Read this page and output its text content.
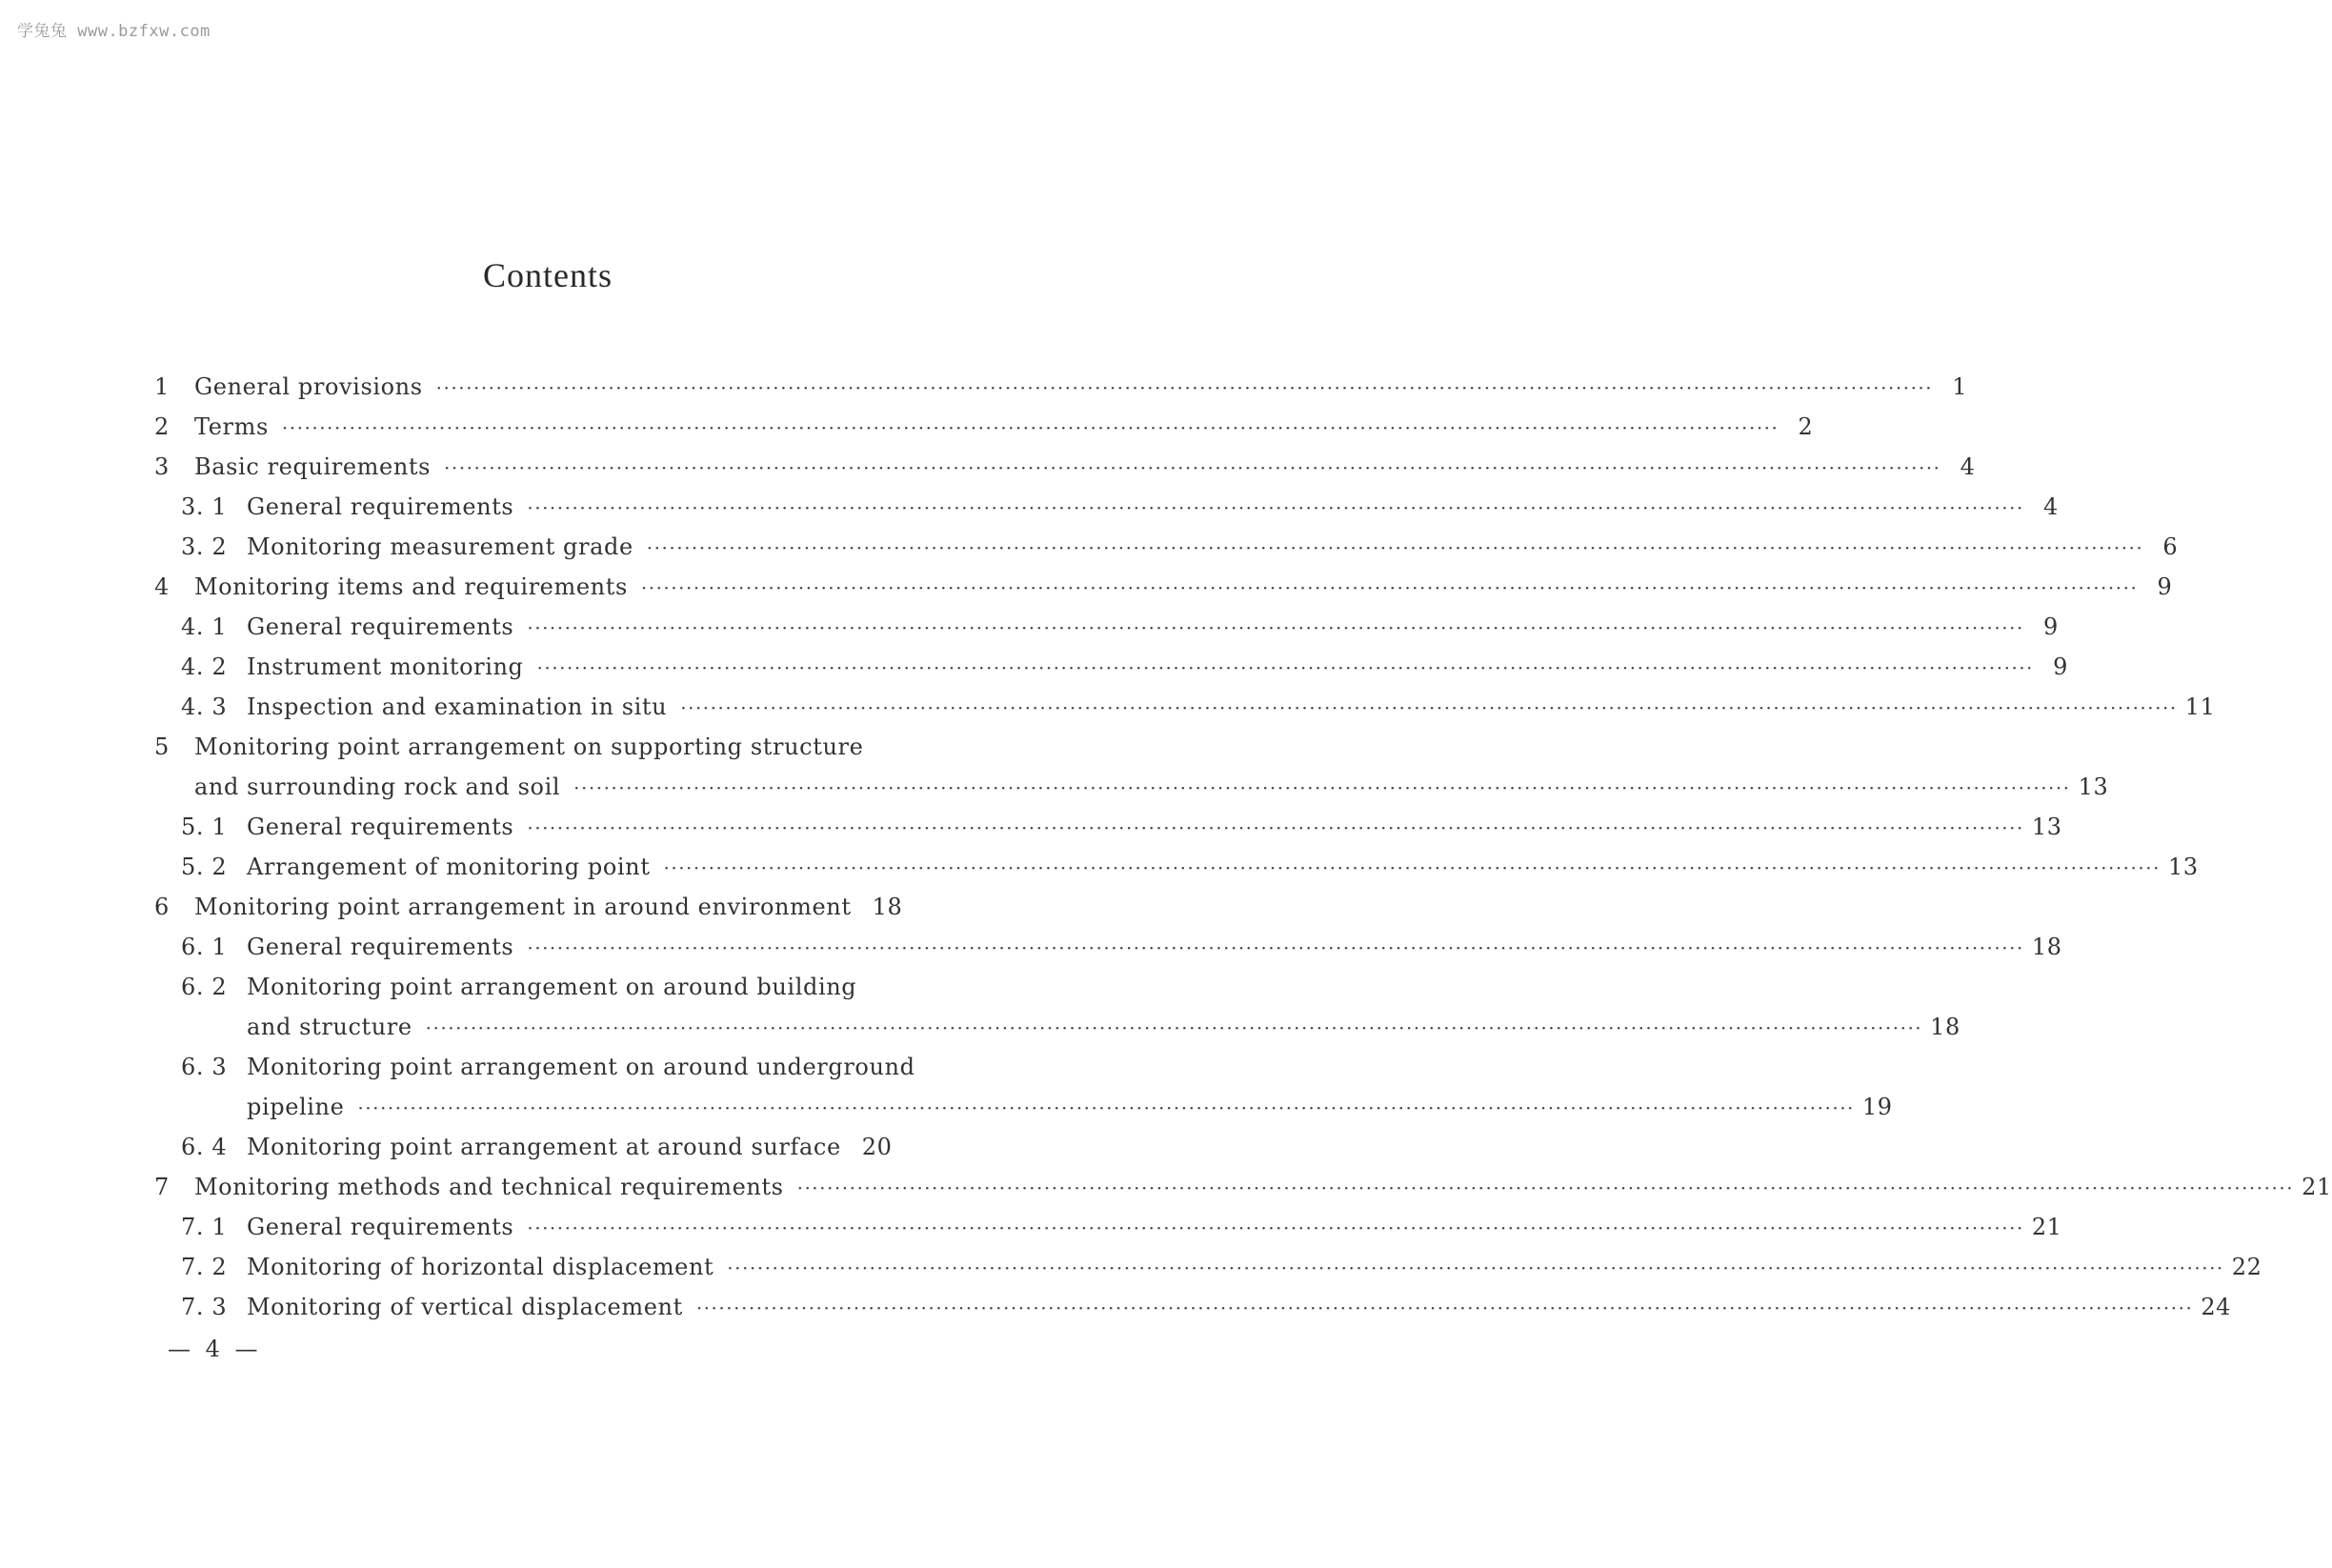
学兔兔 www.bzfxw.com
Contents
1 General provisions ········································································································································································································ 1
2 Terms ········································································································································································································ 2
3 Basic requirements ········································································································································································································ 4
3. 1 General requirements ········································································································································································································ 4
3. 2 Monitoring measurement grade ········································································································································································································ 6
4 Monitoring items and requirements ········································································································································································································ 9
4. 1 General requirements ········································································································································································································ 9
4. 2 Instrument monitoring ········································································································································································································ 9
4. 3 Inspection and examination in situ ········································································································································································································ 11
5 Monitoring point arrangement on supporting structure
and surrounding rock and soil ········································································································································································································ 13
5. 1 General requirements ········································································································································································································ 13
5. 2 Arrangement of monitoring point ········································································································································································································ 13
6 Monitoring point arrangement in around environment 18
6. 1 General requirements ········································································································································································································ 18
6. 2 Monitoring point arrangement on around building
and structure ········································································································································································································ 18
6. 3 Monitoring point arrangement on around underground
pipeline ········································································································································································································ 19
6. 4 Monitoring point arrangement at around surface 20
7 Monitoring methods and technical requirements ········································································································································································································ 21
7. 1 General requirements ········································································································································································································ 21
7. 2 Monitoring of horizontal displacement ········································································································································································································ 22
7. 3 Monitoring of vertical displacement ········································································································································································································ 24
— 4 —
